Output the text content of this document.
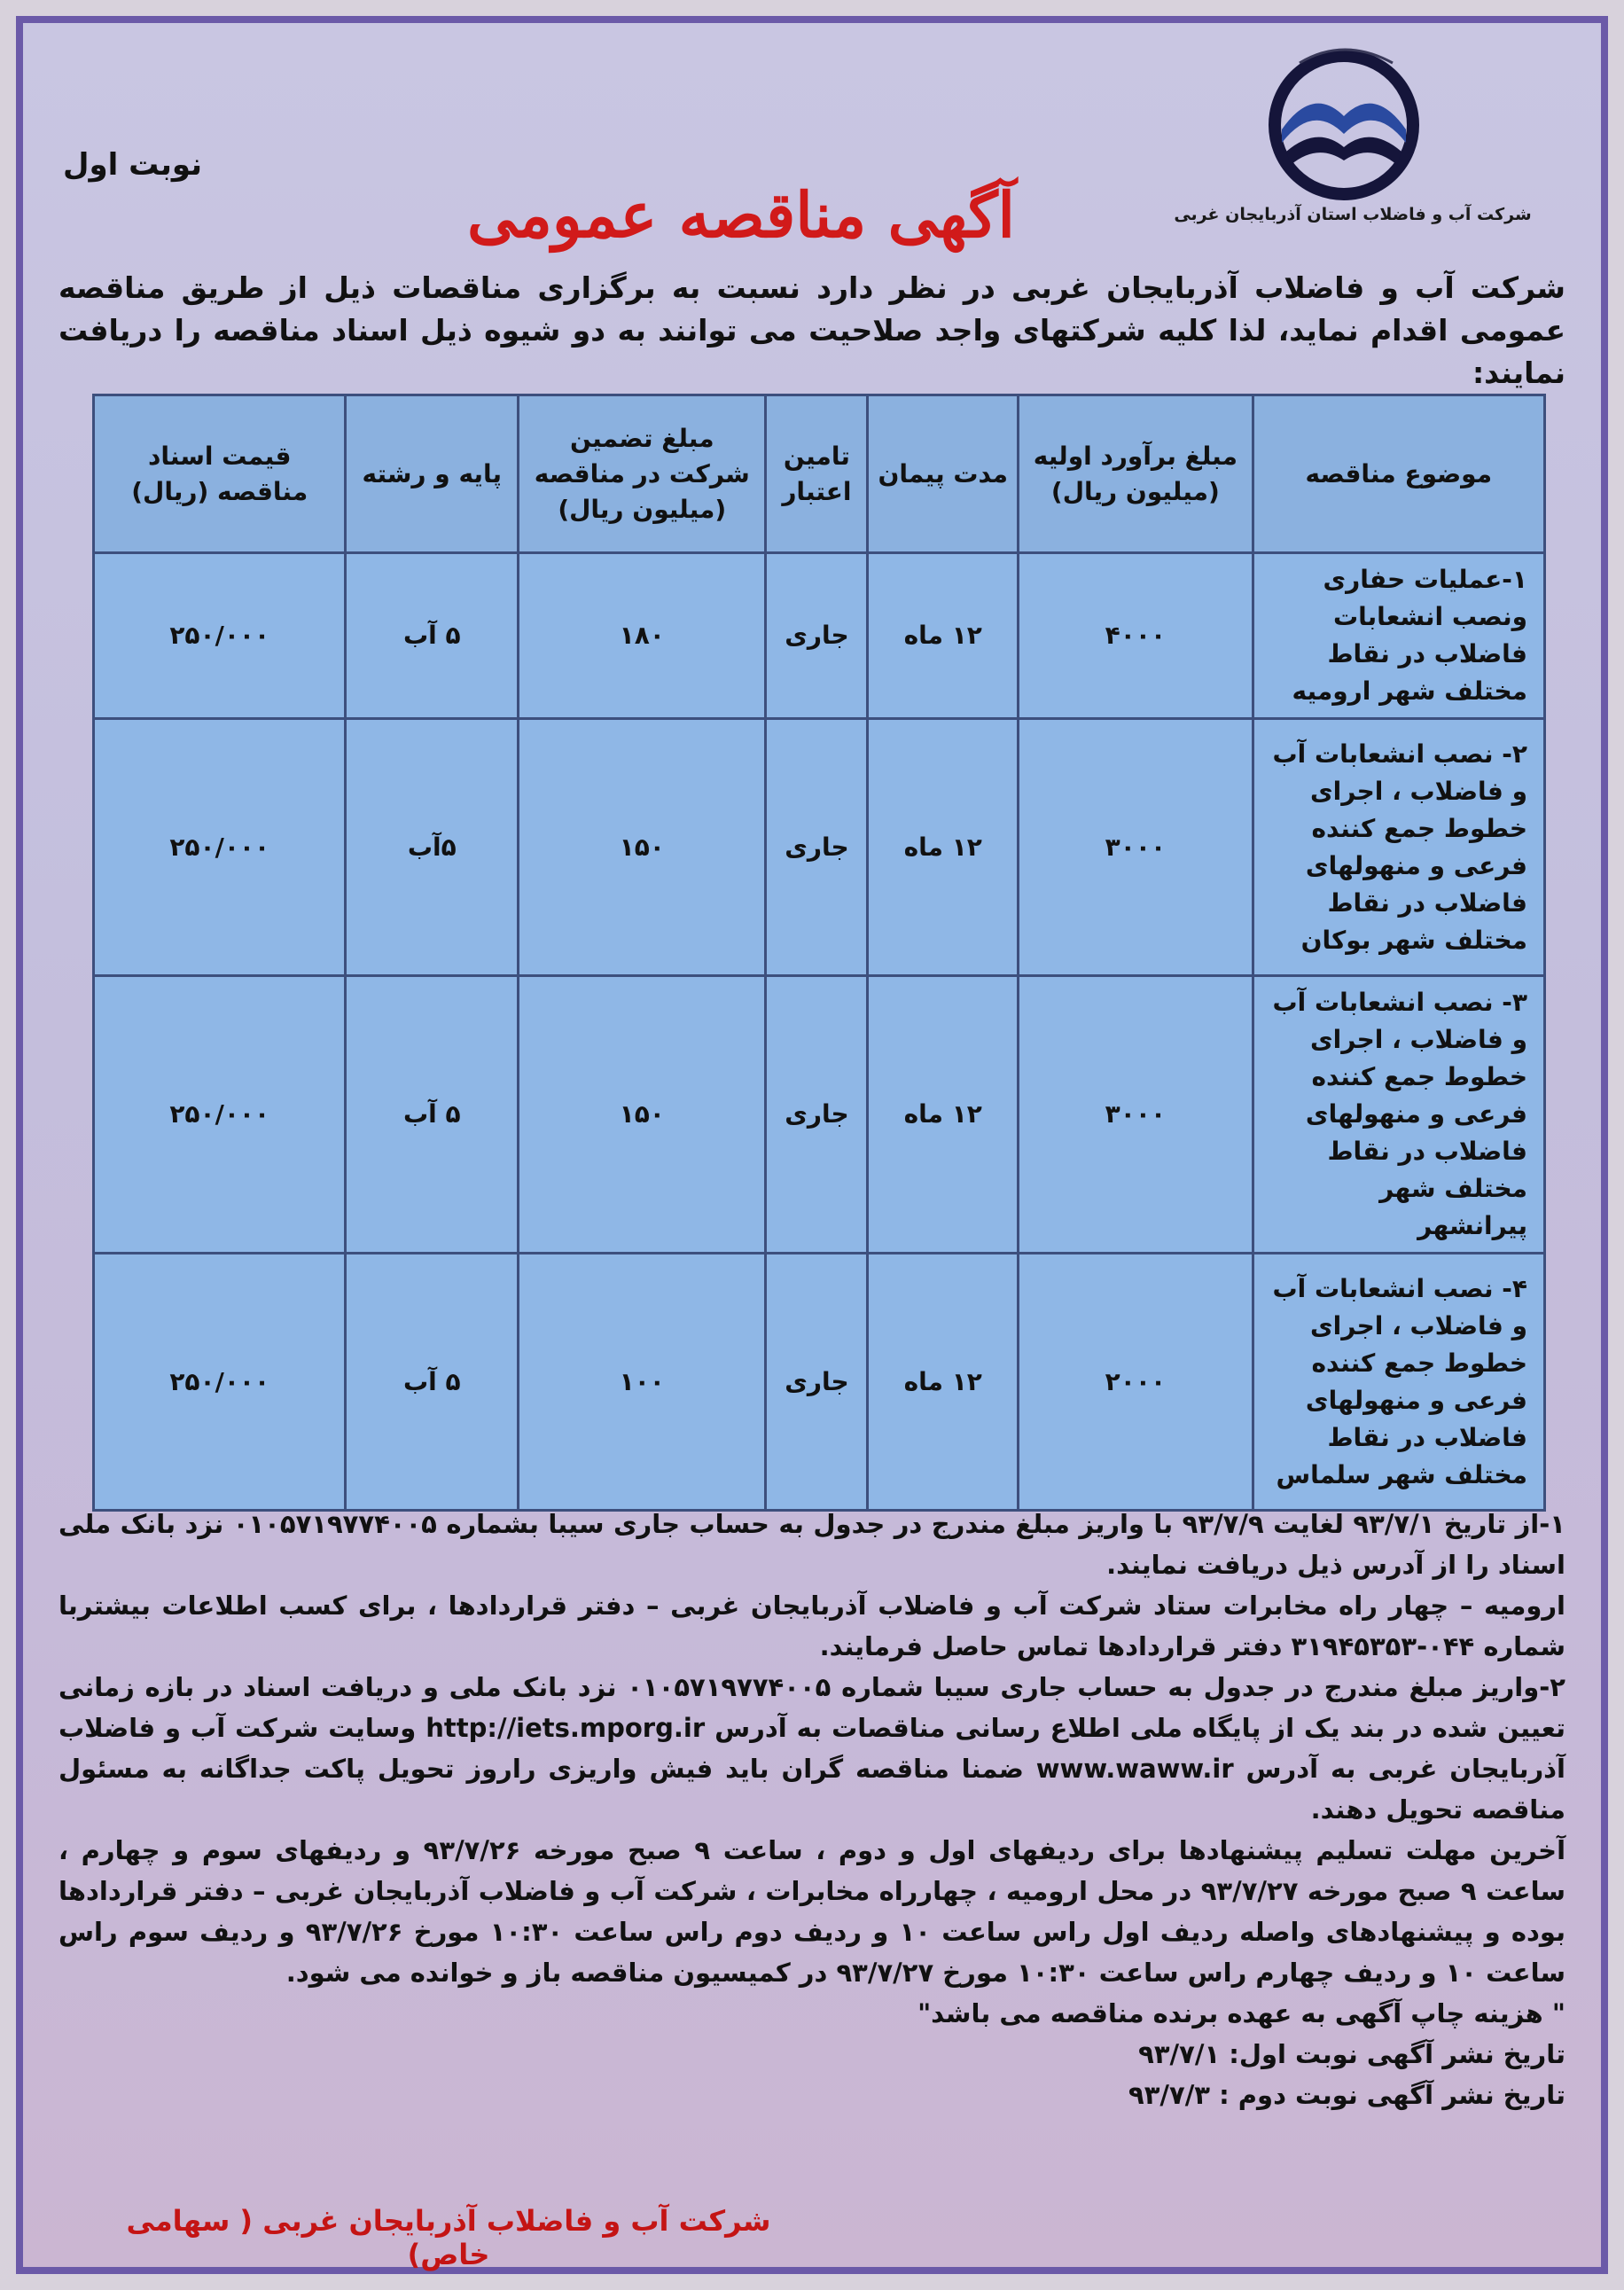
شرکت آب و فاضلاب استان آذربایجان غربی
نوبت اول
آگهی مناقصه عمومی
شرکت آب و فاضلاب آذربایجان غربی در نظر دارد نسبت به برگزاری مناقصات ذیل از طریق مناقصه عمومی اقدام نماید، لذا کلیه شرکتهای واجد صلاحیت می توانند به دو شیوه ذیل اسناد مناقصه را دریافت نمایند:
موضوع مناقصه	مبلغ برآورد اولیه (میلیون ریال)	مدت پیمان	تامین اعتبار	مبلغ تضمین شرکت در مناقصه (میلیون ریال)	پایه و رشته	قیمت اسناد مناقصه (ریال)
۱-عملیات حفاری ونصب انشعابات فاضلاب در نقاط مختلف شهر ارومیه	۴۰۰۰	۱۲ ماه	جاری	۱۸۰	۵ آب	۲۵۰/۰۰۰
۲- نصب انشعابات آب و فاضلاب ، اجرای خطوط جمع کننده فرعی و منهولهای فاضلاب در نقاط مختلف شهر بوکان	۳۰۰۰	۱۲ ماه	جاری	۱۵۰	۵آب	۲۵۰/۰۰۰
۳- نصب انشعابات آب و فاضلاب ، اجرای خطوط جمع کننده فرعی و منهولهای فاضلاب در نقاط مختلف شهر پیرانشهر	۳۰۰۰	۱۲ ماه	جاری	۱۵۰	۵ آب	۲۵۰/۰۰۰
۴- نصب انشعابات آب و فاضلاب ، اجرای خطوط جمع کننده فرعی و منهولهای فاضلاب در نقاط مختلف شهر سلماس	۲۰۰۰	۱۲ ماه	جاری	۱۰۰	۵ آب	۲۵۰/۰۰۰

۱-از تاریخ ۹۳/۷/۱ لغایت ۹۳/۷/۹ با واریز مبلغ مندرج در جدول به حساب جاری سیبا بشماره ۰۱۰۵۷۱۹۷۷۴۰۰۵ نزد بانک ملی اسناد را از آدرس ذیل دریافت نمایند.

ارومیه – چهار راه مخابرات ستاد شرکت آب و فاضلاب آذربایجان غربی – دفتر قراردادها ، برای کسب اطلاعات بیشتربا شماره ۰۴۴-۳۱۹۴۵۳۵۳ دفتر قراردادها تماس حاصل فرمایند.

۲-واریز مبلغ مندرج در جدول به حساب جاری سیبا شماره ۰۱۰۵۷۱۹۷۷۴۰۰۵ نزد بانک ملی و دریافت اسناد در بازه زمانی تعیین شده در بند یک از پایگاه ملی اطلاع رسانی مناقصات به آدرس http://iets.mporg.ir وسایت شرکت آب و فاضلاب آذربایجان غربی به آدرس www.waww.ir ضمنا مناقصه گران باید فیش واریزی راروز تحویل پاکت جداگانه به مسئول مناقصه تحویل دهند.

آخرین مهلت تسلیم پیشنهادها برای ردیفهای اول و دوم ، ساعت ۹ صبح مورخه ۹۳/۷/۲۶ و ردیفهای سوم و چهارم ، ساعت ۹ صبح مورخه ۹۳/۷/۲۷ در محل ارومیه ، چهارراه مخابرات ، شرکت آب و فاضلاب آذربایجان غربی – دفتر قراردادها بوده و پیشنهادهای واصله ردیف اول راس ساعت ۱۰ و ردیف دوم راس ساعت ۱۰:۳۰ مورخ ۹۳/۷/۲۶ و ردیف سوم راس ساعت ۱۰ و ردیف چهارم راس ساعت ۱۰:۳۰ مورخ ۹۳/۷/۲۷ در کمیسیون مناقصه باز و خوانده می شود.

" هزینه چاپ آگهی به عهده برنده مناقصه می باشد"

تاریخ نشر آگهی نوبت اول: ۹۳/۷/۱

تاریخ نشر آگهی نوبت دوم : ۹۳/۷/۳

شرکت آب و فاضلاب آذربایجان غربی ( سهامی خاص)
